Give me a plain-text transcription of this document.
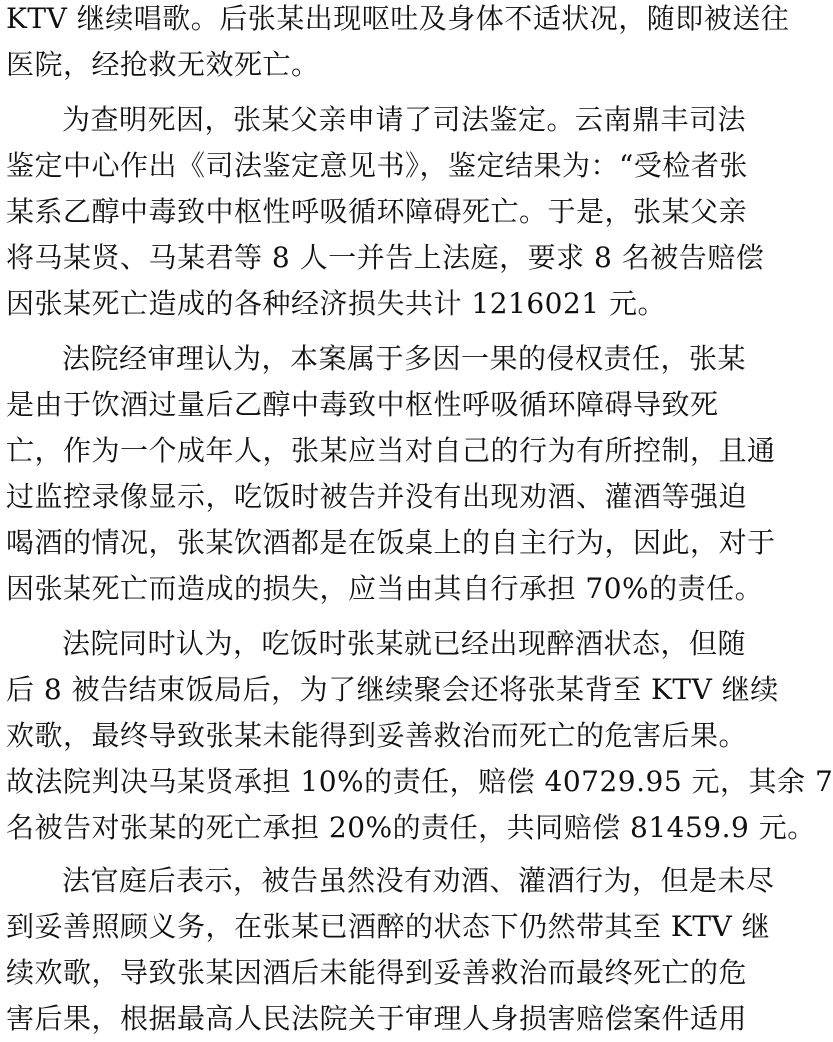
KTV 继续唱歌。后张某出现呕吐及身体不适状况，随即被送往
医院，经抢救无效死亡。
为查明死因，张某父亲申请了司法鉴定。云南鼎丰司法
鉴定中心作出《司法鉴定意见书》，鉴定结果为：“受检者张
某系乙醇中毒致中枢性呼吸循环障碍死亡。于是，张某父亲
将马某贤、马某君等 8 人一并告上法庭，要求 8 名被告赔偿
因张某死亡造成的各种经济损失共计 1216021 元。
法院经审理认为，本案属于多因一果的侵权责任，张某
是由于饮酒过量后乙醇中毒致中枢性呼吸循环障碍导致死
亡，作为一个成年人，张某应当对自己的行为有所控制，且通
过监控录像显示，吃饭时被告并没有出现劝酒、灌酒等强迫
喝酒的情况，张某饮酒都是在饭桌上的自主行为，因此，对于
因张某死亡而造成的损失，应当由其自行承担 70%的责任。
法院同时认为，吃饭时张某就已经出现醉酒状态，但随
后 8 被告结束饭局后，为了继续聚会还将张某背至 KTV 继续
欢歌，最终导致张某未能得到妥善救治而死亡的危害后果。
故法院判决马某贤承担 10%的责任，赔偿 40729.95 元，其余 7
名被告对张某的死亡承担 20%的责任，共同赔偿 81459.9 元。
法官庭后表示，被告虽然没有劝酒、灌酒行为，但是未尽
到妥善照顾义务，在张某已酒醉的状态下仍然带其至 KTV 继
续欢歌，导致张某因酒后未能得到妥善救治而最终死亡的危
害后果，根据最高人民法院关于审理人身损害赔偿案件适用
